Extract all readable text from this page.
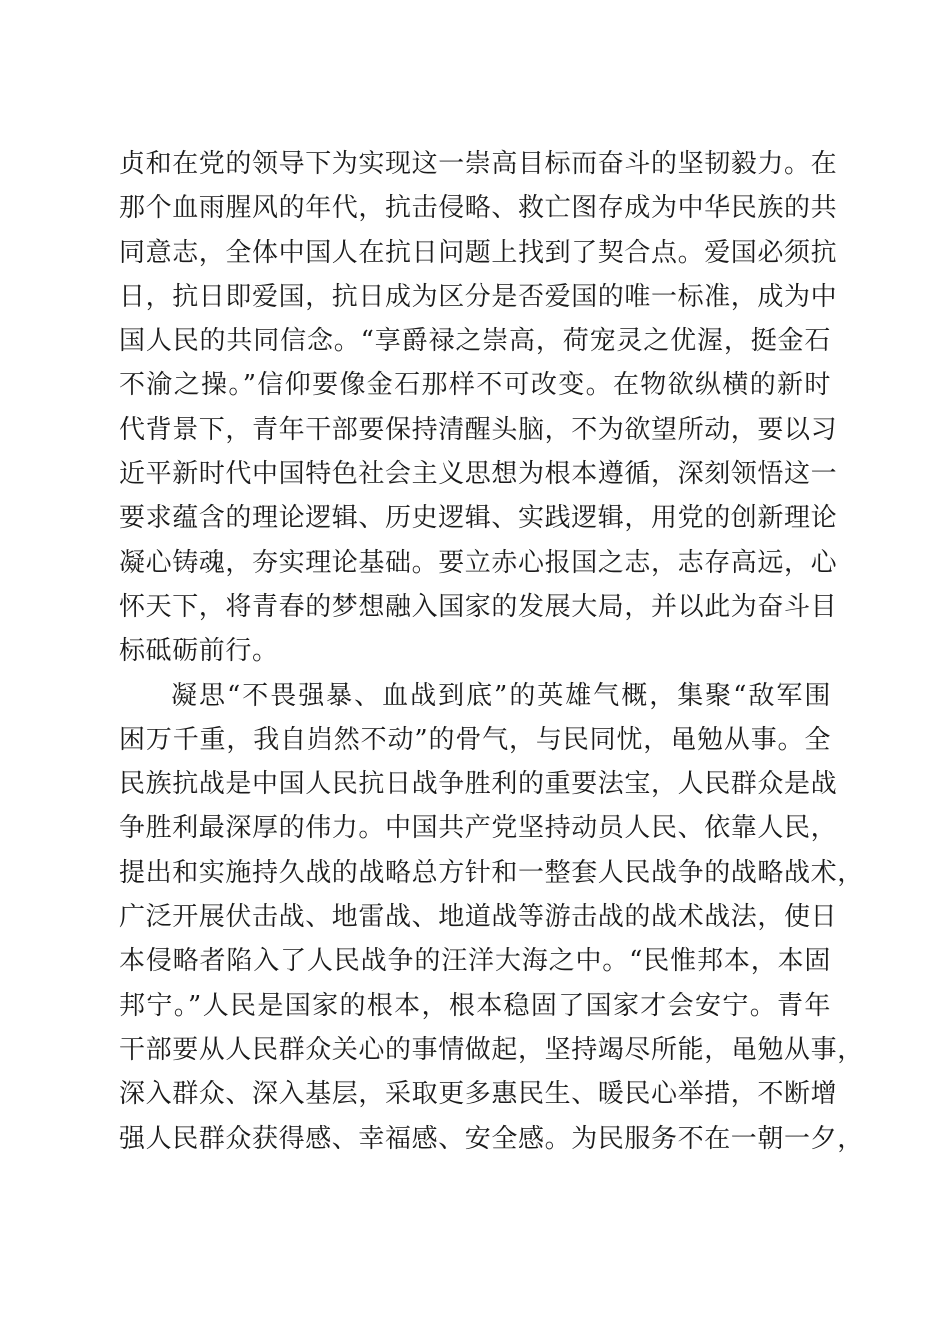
贞和在党的领导下为实现这一崇高目标而奋斗的坚韧毅力。在
那个血雨腥风的年代，抗击侵略、救亡图存成为中华民族的共
同意志，全体中国人在抗日问题上找到了契合点。爱国必须抗
日，抗日即爱国，抗日成为区分是否爱国的唯一标准，成为中
国人民的共同信念。“享爵禄之崇高，荷宠灵之优渥，挺金石
不渝之操。”信仰要像金石那样不可改变。在物欲纵横的新时
代背景下，青年干部要保持清醒头脑，不为欲望所动，要以习
近平新时代中国特色社会主义思想为根本遵循，深刻领悟这一
要求蕴含的理论逻辑、历史逻辑、实践逻辑，用党的创新理论
凝心铸魂，夯实理论基础。要立赤心报国之志，志存高远，心
怀天下，将青春的梦想融入国家的发展大局，并以此为奋斗目
标砥砺前行。
凝思“不畏强暴、血战到底”的英雄气概，集聚“敌军围
困万千重，我自岿然不动”的骨气，与民同忧，黾勉从事。全
民族抗战是中国人民抗日战争胜利的重要法宝，人民群众是战
争胜利最深厚的伟力。中国共产党坚持动员人民、依靠人民，
提出和实施持久战的战略总方针和一整套人民战争的战略战术，
广泛开展伏击战、地雷战、地道战等游击战的战术战法，使日
本侵略者陷入了人民战争的汪洋大海之中。“民惟邦本，本固
邦宁。”人民是国家的根本，根本稳固了国家才会安宁。青年
干部要从人民群众关心的事情做起，坚持竭尽所能，黾勉从事，
深入群众、深入基层，采取更多惠民生、暖民心举措，不断增
强人民群众获得感、幸福感、安全感。为民服务不在一朝一夕，
